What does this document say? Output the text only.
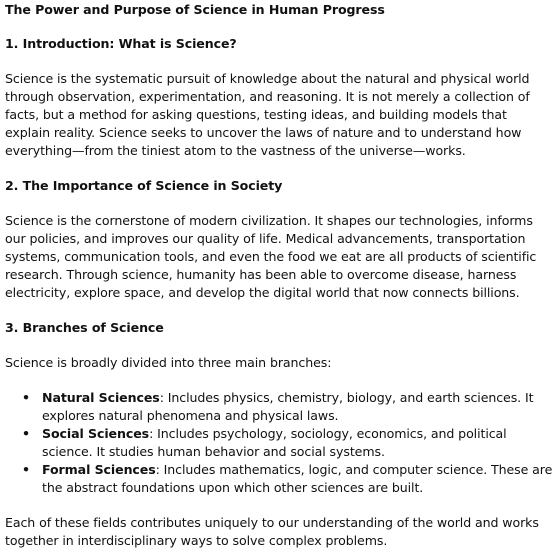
The Power and Purpose of Science in Human Progress
1. Introduction: What is Science?

Science is the systematic pursuit of knowledge about the natural and physical world through observation, experimentation, and reasoning. It is not merely a collection of facts, but a method for asking questions, testing ideas, and building models that explain reality. Science seeks to uncover the laws of nature and to understand how everything—from the tiniest atom to the vastness of the universe—works.

2. The Importance of Science in Society

Science is the cornerstone of modern civilization. It shapes our technologies, informs our policies, and improves our quality of life. Medical advancements, transportation systems, communication tools, and even the food we eat are all products of scientific research. Through science, humanity has been able to overcome disease, harness electricity, explore space, and develop the digital world that now connects billions.

3. Branches of Science

Science is broadly divided into three main branches:

• Natural Sciences: Includes physics, chemistry, biology, and earth sciences. It explores natural phenomena and physical laws.
• Social Sciences: Includes psychology, sociology, economics, and political science. It studies human behavior and social systems.
• Formal Sciences: Includes mathematics, logic, and computer science. These are the abstract foundations upon which other sciences are built.

Each of these fields contributes uniquely to our understanding of the world and works together in interdisciplinary ways to solve complex problems.
